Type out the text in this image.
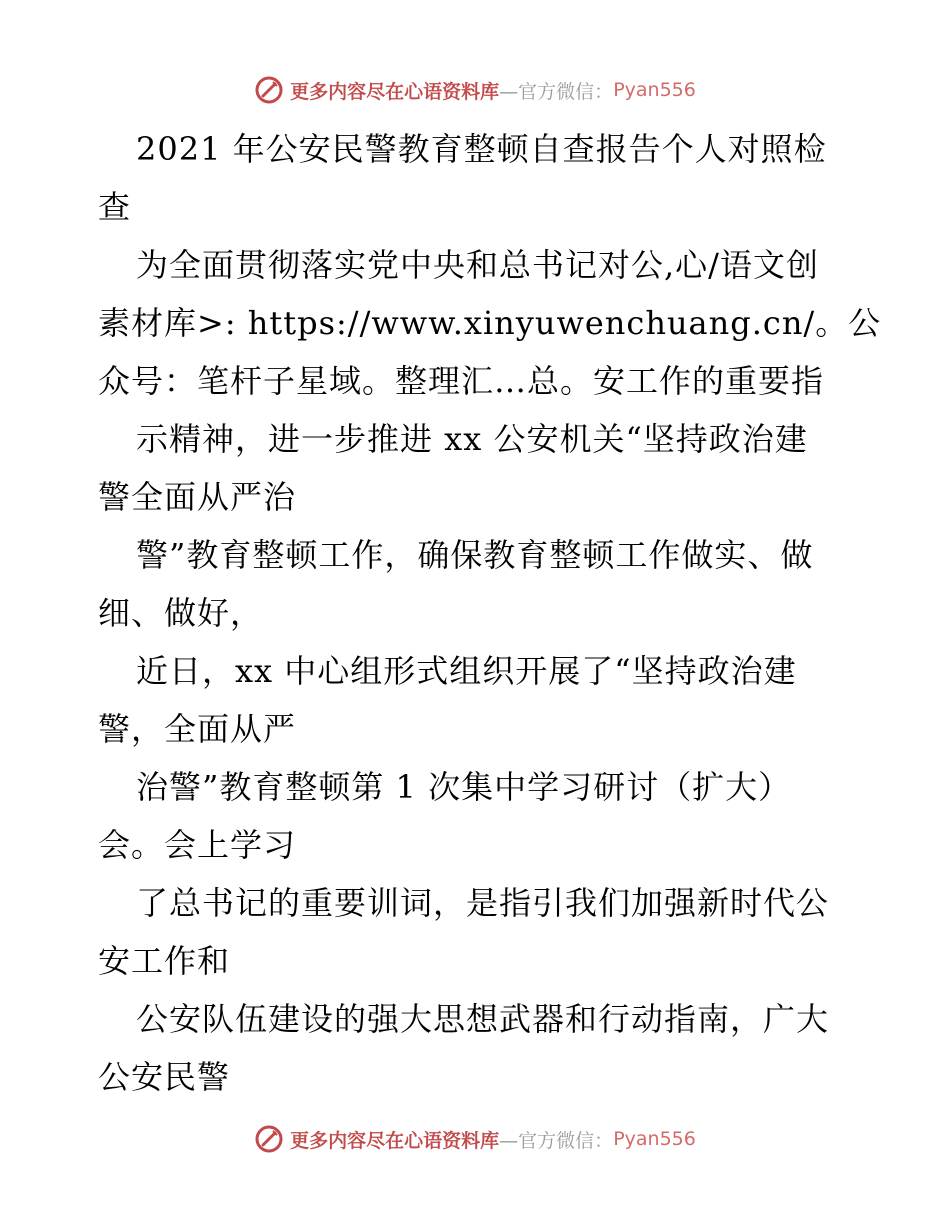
更多内容尽在心语资料库 —官方微信： Pyan556
2021 年公安民警教育整顿自查报告个人对照检
查
为全面贯彻落实党中央和总书记对公,心/语文创
素材库>: https://www.xinyuwenchuang.cn/。公
众号：笔杆子星域。整理汇…总。安工作的重要指
示精神，进一步推进 xx 公安机关“坚持政治建
警全面从严治
警”教育整顿工作，确保教育整顿工作做实、做
细、做好，
近日，xx 中心组形式组织开展了“坚持政治建
警，全面从严
治警”教育整顿第 1 次集中学习研讨（扩大）
会。会上学习
了总书记的重要训词，是指引我们加强新时代公
安工作和
公安队伍建设的强大思想武器和行动指南，广大
公安民警
更多内容尽在心语资料库 —官方微信： Pyan556
